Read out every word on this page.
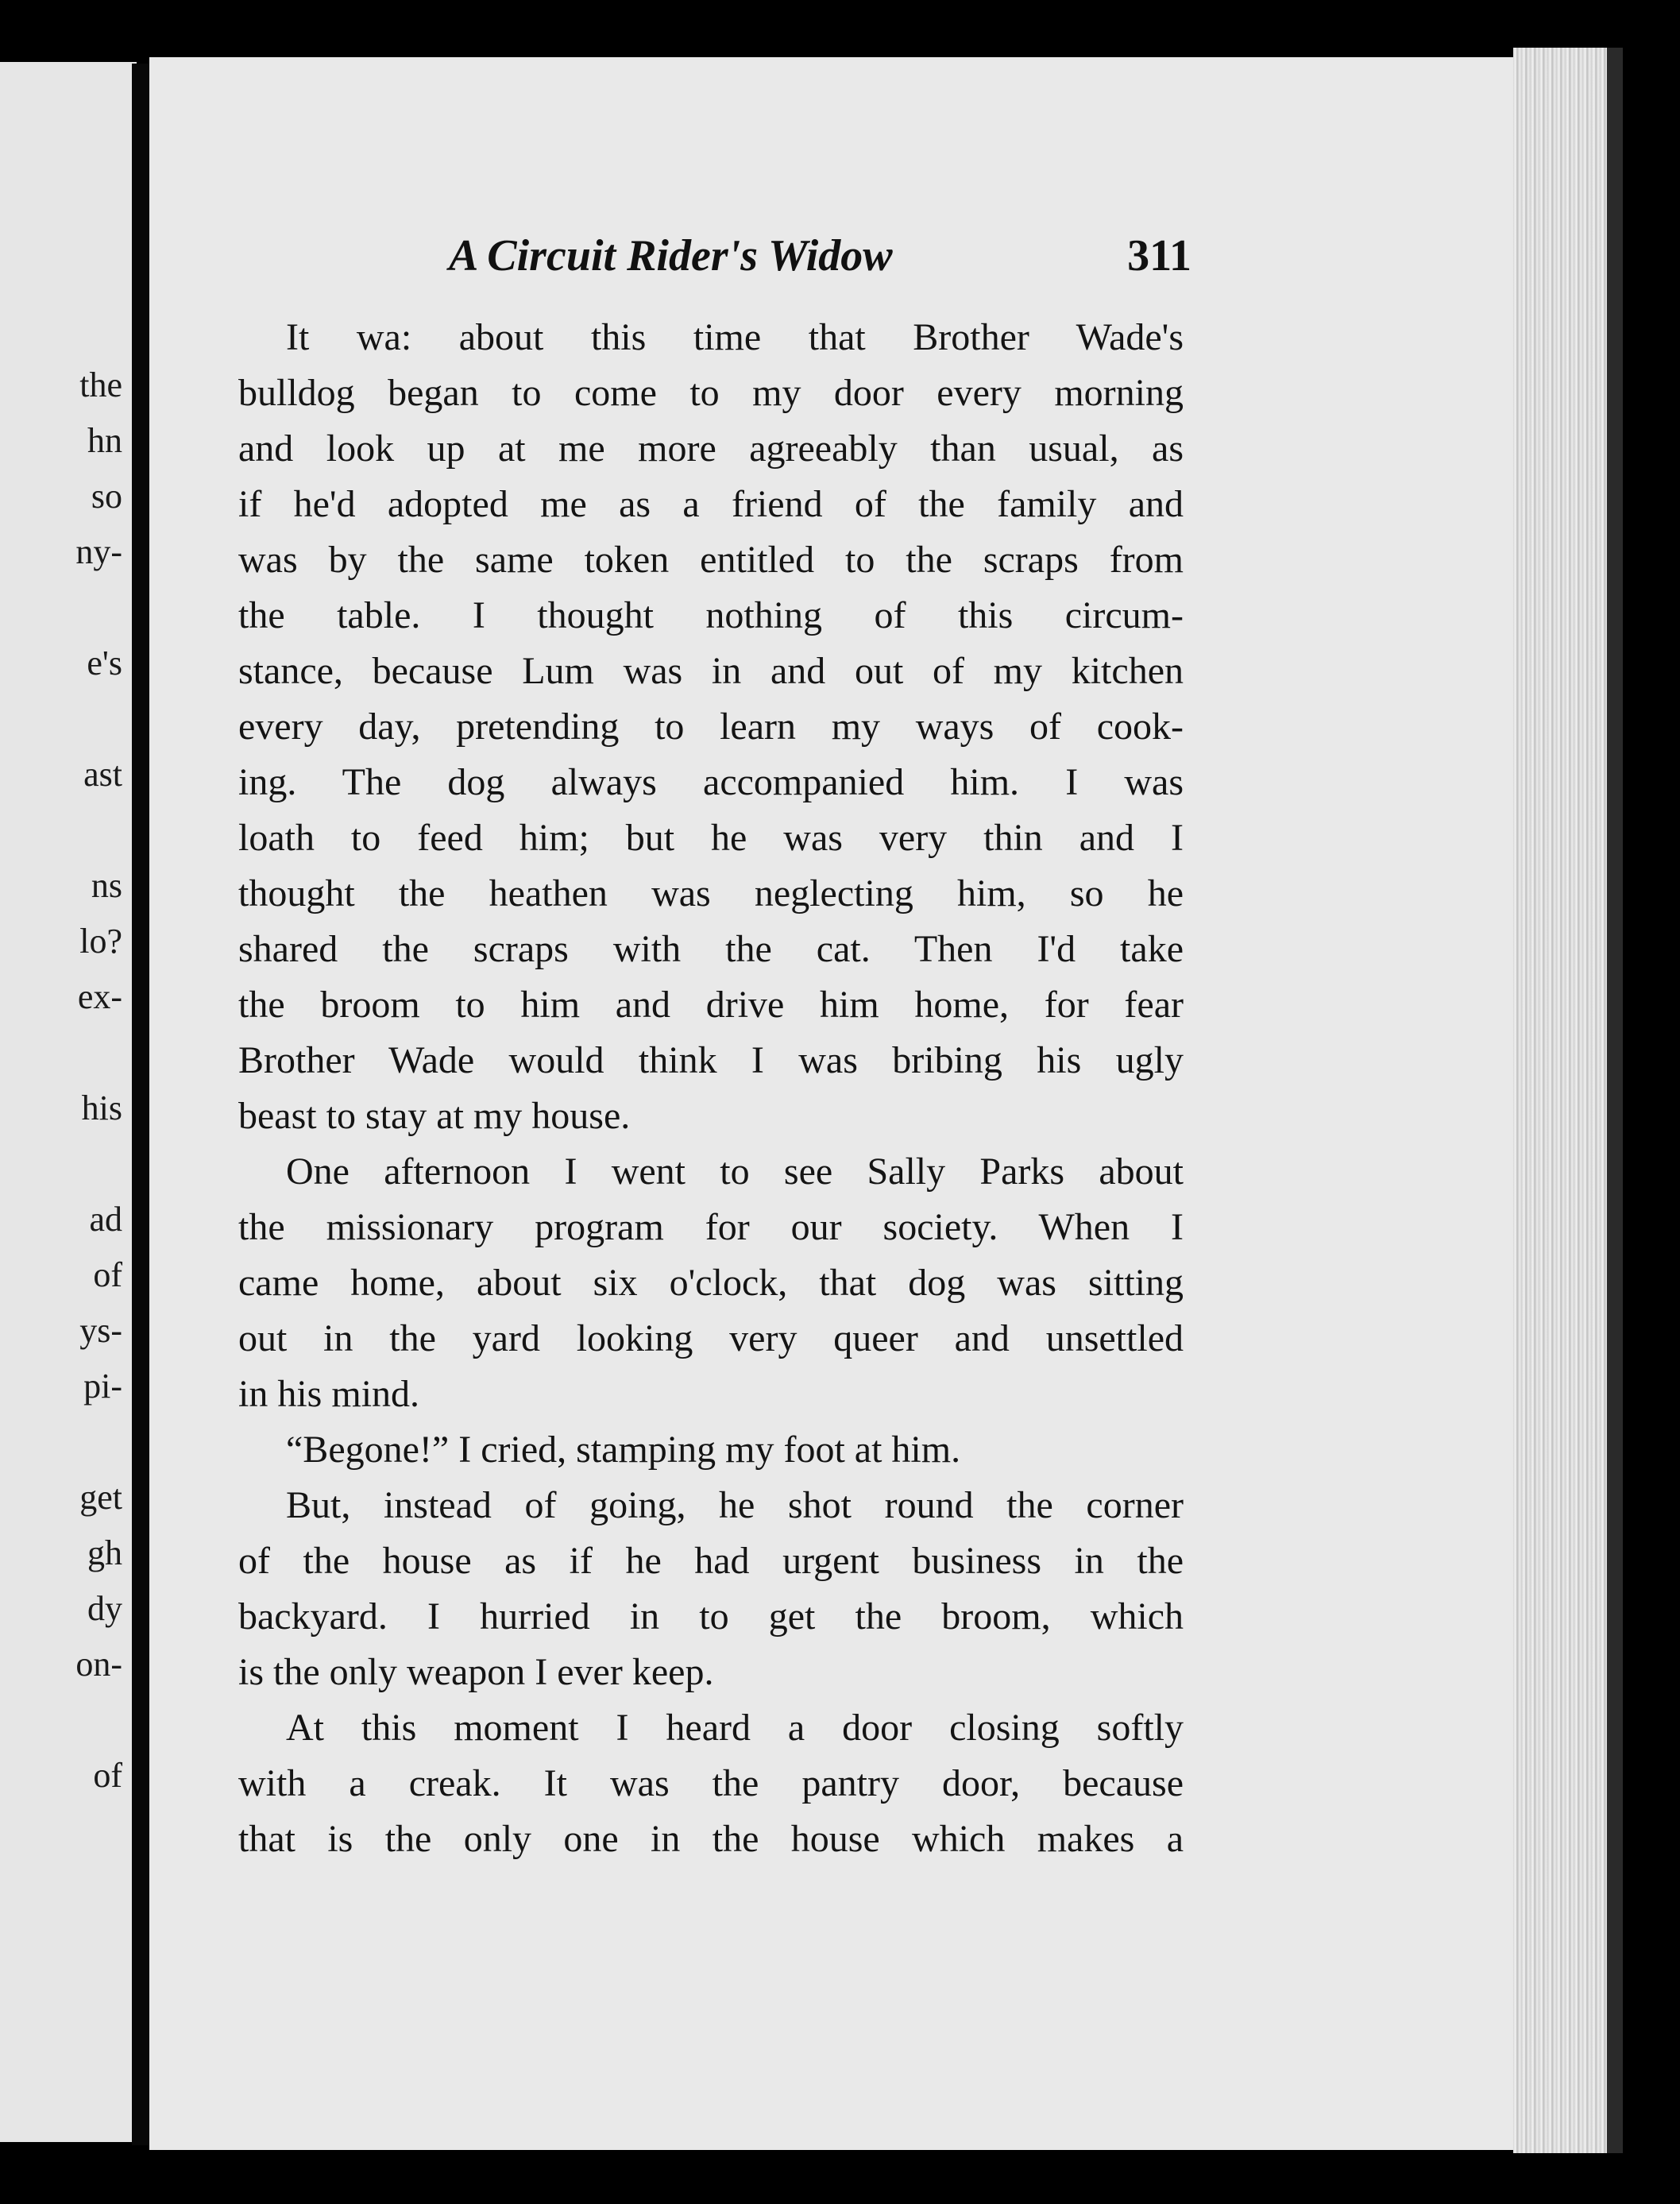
the
hn
so
ny-
e's
ast
ns
lo?
ex-
his
ad
of
ys-
pi-
get
gh
dy
on-
of
A Circuit Rider's Widow	311
It wa: about this time that Brother Wade's
bulldog began to come to my door every morning
and look up at me more agreeably than usual, as
if he'd adopted me as a friend of the family and
was by the same token entitled to the scraps from
the table. I thought nothing of this circum-
stance, because Lum was in and out of my kitchen
every day, pretending to learn my ways of cook-
ing. The dog always accompanied him. I was
loath to feed him; but he was very thin and I
thought the heathen was neglecting him, so he
shared the scraps with the cat. Then I'd take
the broom to him and drive him home, for fear
Brother Wade would think I was bribing his ugly
beast to stay at my house.
One afternoon I went to see Sally Parks about
the missionary program for our society. When I
came home, about six o'clock, that dog was sitting
out in the yard looking very queer and unsettled
in his mind.
“Begone!” I cried, stamping my foot at him.
But, instead of going, he shot round the corner
of the house as if he had urgent business in the
backyard. I hurried in to get the broom, which
is the only weapon I ever keep.
At this moment I heard a door closing softly
with a creak. It was the pantry door, because
that is the only one in the house which makes a
